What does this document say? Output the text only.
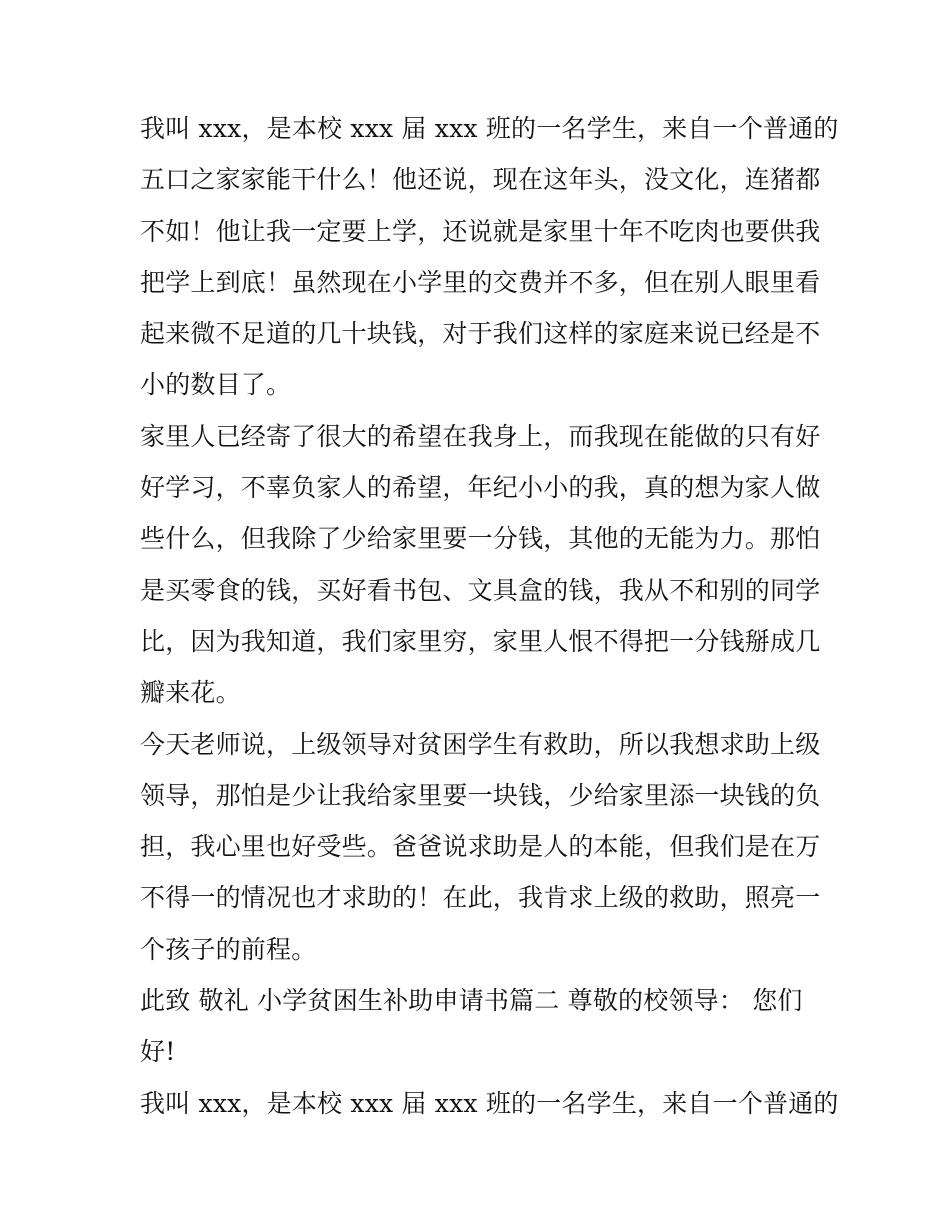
我叫 xxx，是本校 xxx 届 xxx 班的一名学生，来自一个普通的
五口之家家能干什么！他还说，现在这年头，没文化，连猪都
不如！他让我一定要上学，还说就是家里十年不吃肉也要供我
把学上到底！虽然现在小学里的交费并不多，但在别人眼里看
起来微不足道的几十块钱，对于我们这样的家庭来说已经是不
小的数目了。
家里人已经寄了很大的希望在我身上，而我现在能做的只有好
好学习，不辜负家人的希望，年纪小小的我，真的想为家人做
些什么，但我除了少给家里要一分钱，其他的无能为力。那怕
是买零食的钱，买好看书包、文具盒的钱，我从不和别的同学
比，因为我知道，我们家里穷，家里人恨不得把一分钱掰成几
瓣来花。
今天老师说，上级领导对贫困学生有救助，所以我想求助上级
领导，那怕是少让我给家里要一块钱，少给家里添一块钱的负
担，我心里也好受些。爸爸说求助是人的本能，但我们是在万
不得一的情况也才求助的！在此，我肯求上级的救助，照亮一
个孩子的前程。
此致 敬礼 小学贫困生补助申请书篇二 尊敬的校领导： 您们
好!
我叫 xxx，是本校 xxx 届 xxx 班的一名学生，来自一个普通的
